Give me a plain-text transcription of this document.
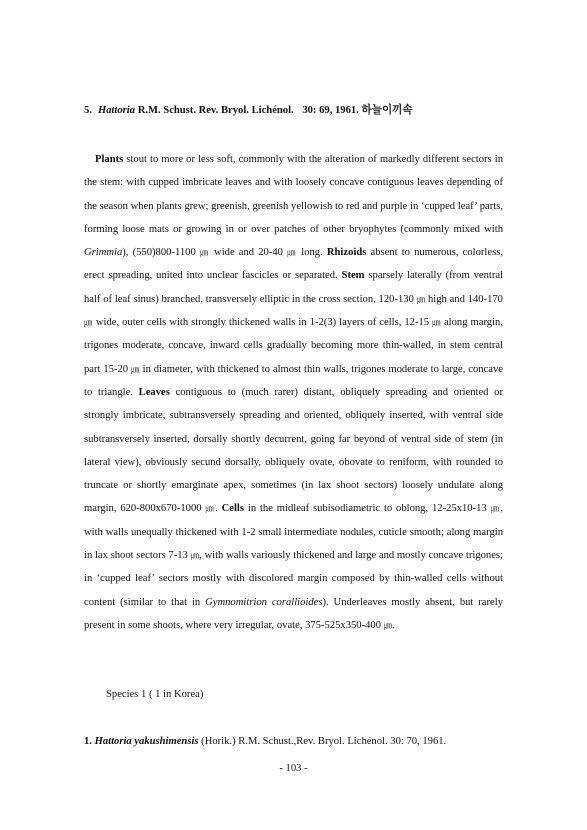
5. Hattoria R.M. Schust. Rev. Bryol. Lichénol. 30: 69, 1961. 하늘이끼속
Plants stout to more or less soft, commonly with the alteration of markedly different sectors in the stem: with cupped imbricate leaves and with loosely concave contiguous leaves depending of the season when plants grew; greenish, greenish yellowish to red and purple in ‘cupped leaf’ parts, forming loose mats or growing in or over patches of other bryophytes (commonly mixed with Grimmia), (550)800-1100 ㎛ wide and 20-40 ㎛ long. Rhizoids absent to numerous, colorless, erect spreading, united into unclear fascicles or separated. Stem sparsely laterally (from ventral half of leaf sinus) branched, transversely elliptic in the cross section, 120-130 ㎛ high and 140-170 ㎛ wide, outer cells with strongly thickened walls in 1-2(3) layers of cells, 12-15 ㎛ along margin, trigones moderate, concave, inward cells gradually becoming more thin-walled, in stem central part 15-20 ㎛ in diameter, with thickened to almost thin walls, trigones moderate to large, concave to triangle. Leaves contiguous to (much rarer) distant, obliquely spreading and oriented or strongly imbricate, subtransversely spreading and oriented, obliquely inserted, with ventral side subtransversely inserted, dorsally shortly decurrent, going far beyond of ventral side of stem (in lateral view), obviously secund dorsally, obliquely ovate, obovate to reniform, with rounded to truncate or shortly emarginate apex, sometimes (in lax shoot sectors) loosely undulate along margin, 620-800x670-1000 ㎛. Cells in the midleaf subisodiametric to oblong, 12-25x10-13 ㎛, with walls unequally thickened with 1-2 small intermediate nodules, cuticle smooth; along margin in lax shoot sectors 7-13 ㎛, with walls variously thickened and large and mostly concave trigones; in ‘cupped leaf’ sectors mostly with discolored margin composed by thin-walled cells without content (similar to that in Gymnomitrion corallioides). Underleaves mostly absent, but rarely present in some shoots, where very irregular, ovate, 375-525x350-400 ㎛.
Species 1 ( 1 in Korea)
1. Hattoria yakushimensis (Horik.) R.M. Schust.,Rev. Bryol. Lichénol. 30: 70, 1961.
- 103 -
